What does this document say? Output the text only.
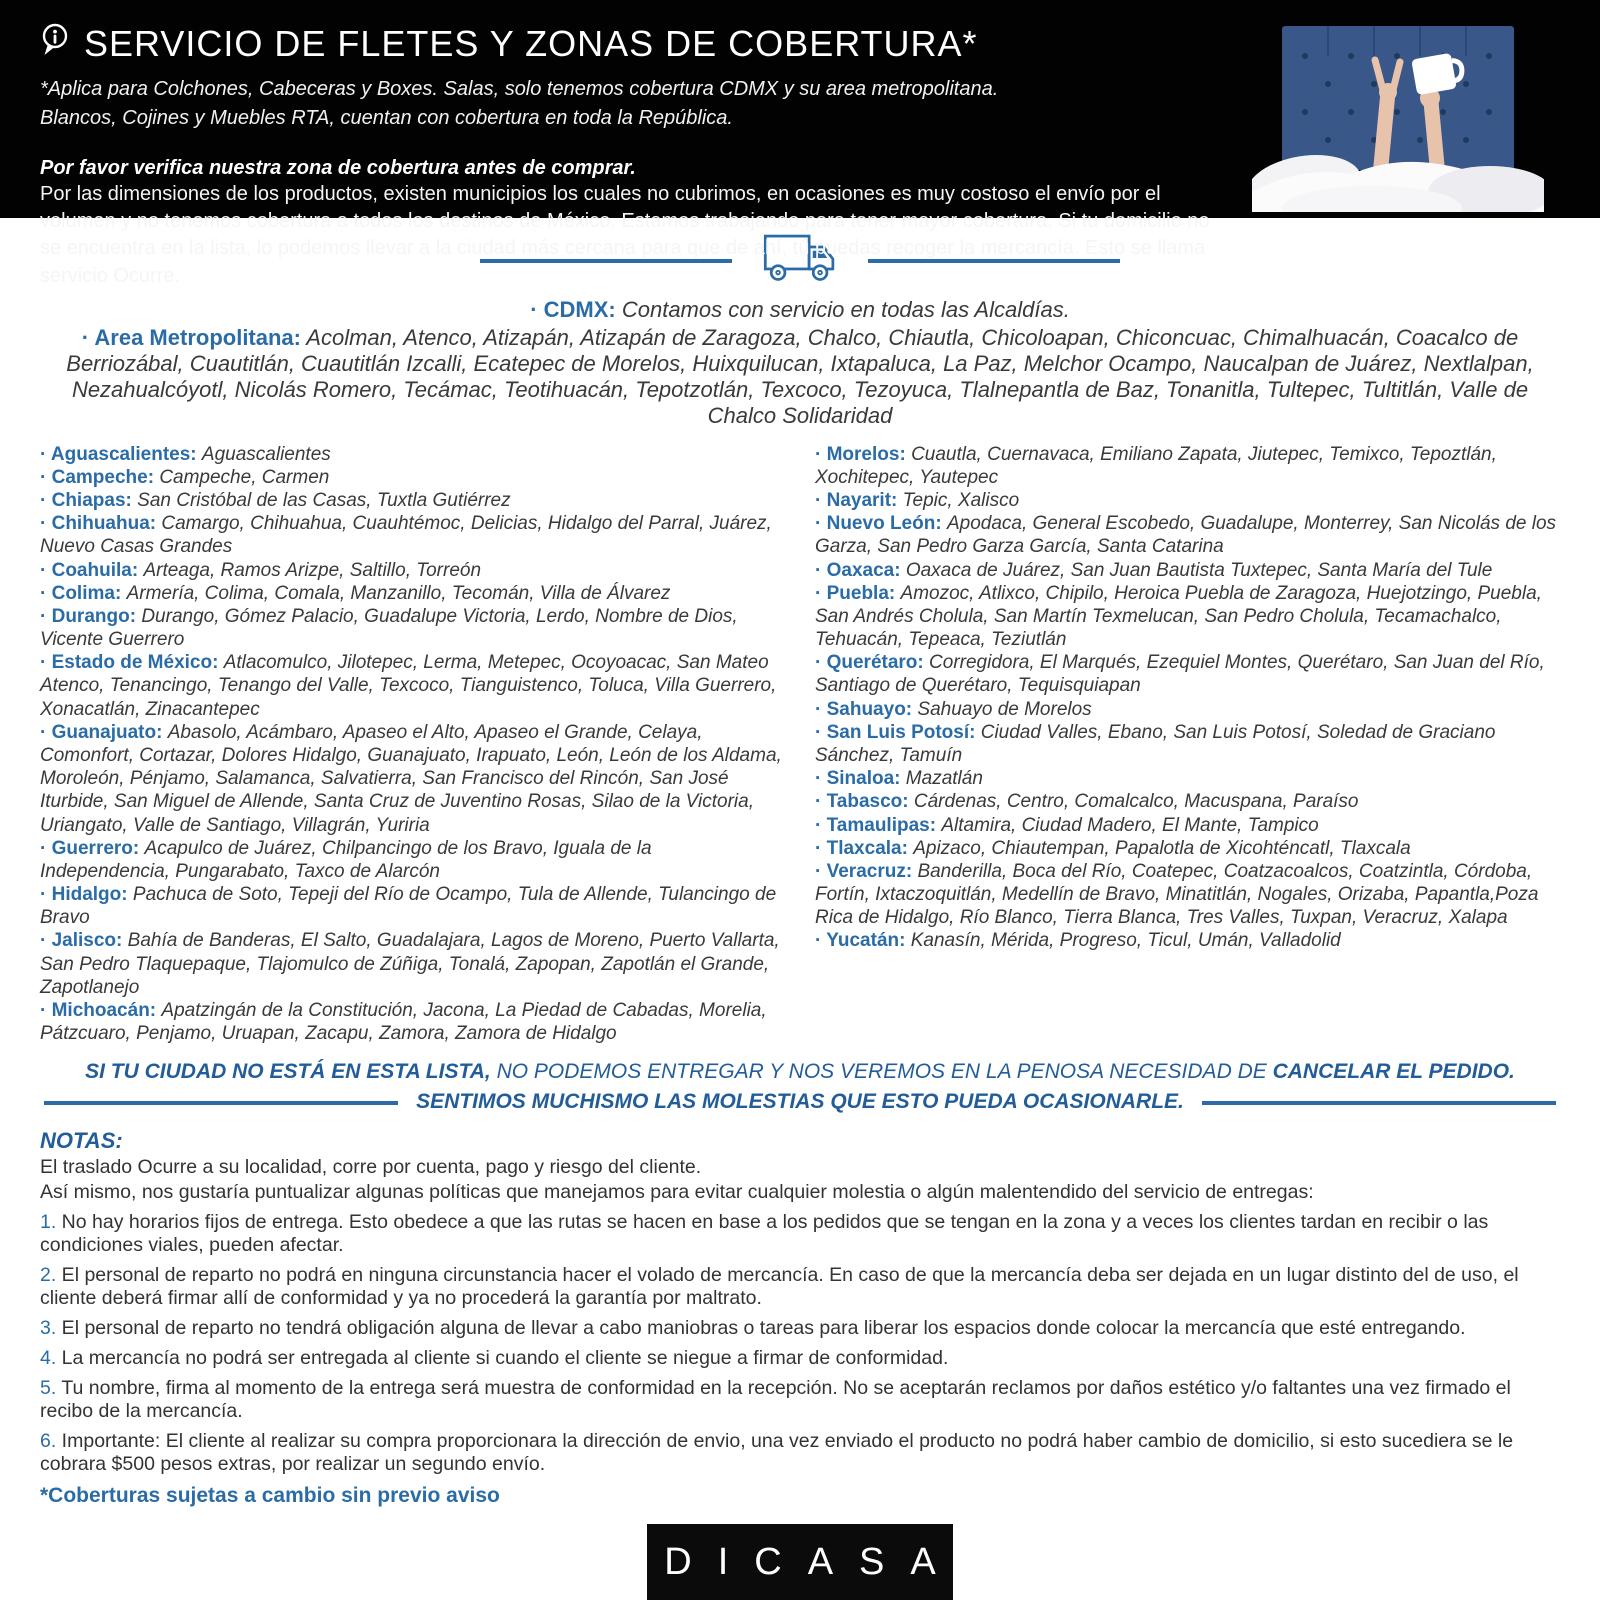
SERVICIO DE FLETES Y ZONAS DE COBERTURA*
*Aplica para Colchones, Cabeceras y Boxes. Salas, solo tenemos cobertura CDMX y su area metropolitana.
Blancos, Cojines y Muebles RTA, cuentan con cobertura en toda la República.
Por favor verifica nuestra zona de cobertura antes de comprar.
Por las dimensiones de los productos, existen municipios los cuales no cubrimos, en ocasiones es muy costoso el envío por el volumen y no tenemos cobertura a todos los destinos de México. Estamos trabajando para tener mayor cobertura. Si tu domicilio no se encuentra en la lista, lo podemos llevar a la ciudad más cercana para que de ahí, tú puedas recoger la mercancía. Esto se llama servicio Ocurre.
· CDMX: Contamos con servicio en todas las Alcaldías.

· Area Metropolitana: Acolman, Atenco, Atizapán, Atizapán de Zaragoza, Chalco, Chiautla, Chicoloapan, Chiconcuac, Chimalhuacán, Coacalco de Berriozábal, Cuautitlán, Cuautitlán Izcalli, Ecatepec de Morelos, Huixquilucan, Ixtapaluca, La Paz, Melchor Ocampo, Naucalpan de Juárez, Nextlalpan, Nezahualcóyotl, Nicolás Romero, Tecámac, Teotihuacán, Tepotzotlán, Texcoco, Tezoyuca, Tlalnepantla de Baz, Tonanitla, Tultepec, Tultitlán, Valle de Chalco Solidaridad

· Aguascalientes: Aguascalientes
· Campeche: Campeche, Carmen
· Chiapas: San Cristóbal de las Casas, Tuxtla Gutiérrez
· Chihuahua: Camargo, Chihuahua, Cuauhtémoc, Delicias, Hidalgo del Parral, Juárez, Nuevo Casas Grandes
· Coahuila: Arteaga, Ramos Arizpe, Saltillo, Torreón
· Colima: Armería, Colima, Comala, Manzanillo, Tecomán, Villa de Álvarez
· Durango: Durango, Gómez Palacio, Guadalupe Victoria, Lerdo, Nombre de Dios, Vicente Guerrero
· Estado de México: Atlacomulco, Jilotepec, Lerma, Metepec, Ocoyoacac, San Mateo Atenco, Tenancingo, Tenango del Valle, Texcoco, Tianguistenco, Toluca, Villa Guerrero, Xonacatlán, Zinacantepec
· Guanajuato: Abasolo, Acámbaro, Apaseo el Alto, Apaseo el Grande, Celaya, Comonfort, Cortazar, Dolores Hidalgo, Guanajuato, Irapuato, León, León de los Aldama, Moroleón, Pénjamo, Salamanca, Salvatierra, San Francisco del Rincón, San José Iturbide, San Miguel de Allende, Santa Cruz de Juventino Rosas, Silao de la Victoria, Uriangato, Valle de Santiago, Villagrán, Yuriria
· Guerrero: Acapulco de Juárez, Chilpancingo de los Bravo, Iguala de la Independencia, Pungarabato, Taxco de Alarcón
· Hidalgo: Pachuca de Soto, Tepeji del Río de Ocampo, Tula de Allende, Tulancingo de Bravo
· Jalisco: Bahía de Banderas, El Salto, Guadalajara, Lagos de Moreno, Puerto Vallarta, San Pedro Tlaquepaque, Tlajomulco de Zúñiga, Tonalá, Zapopan, Zapotlán el Grande, Zapotlanejo
· Michoacán: Apatzingán de la Constitución, Jacona, La Piedad de Cabadas, Morelia, Pátzcuaro, Penjamo, Uruapan, Zacapu, Zamora, Zamora de Hidalgo
· Morelos: Cuautla, Cuernavaca, Emiliano Zapata, Jiutepec, Temixco, Tepoztlán, Xochitepec, Yautepec
· Nayarit: Tepic, Xalisco
· Nuevo León: Apodaca, General Escobedo, Guadalupe, Monterrey, San Nicolás de los Garza, San Pedro Garza García, Santa Catarina
· Oaxaca: Oaxaca de Juárez, San Juan Bautista Tuxtepec, Santa María del Tule
· Puebla: Amozoc, Atlixco, Chipilo, Heroica Puebla de Zaragoza, Huejotzingo, Puebla, San Andrés Cholula, San Martín Texmelucan, San Pedro Cholula, Tecamachalco, Tehuacán, Tepeaca, Teziutlán
· Querétaro: Corregidora, El Marqués, Ezequiel Montes, Querétaro, San Juan del Río, Santiago de Querétaro, Tequisquiapan
· Sahuayo: Sahuayo de Morelos
· San Luis Potosí: Ciudad Valles, Ebano, San Luis Potosí, Soledad de Graciano Sánchez, Tamuín
· Sinaloa: Mazatlán
· Tabasco: Cárdenas, Centro, Comalcalco, Macuspana, Paraíso
· Tamaulipas: Altamira, Ciudad Madero, El Mante, Tampico
· Tlaxcala: Apizaco, Chiautempan, Papalotla de Xicohténcatl, Tlaxcala
· Veracruz: Banderilla, Boca del Río, Coatepec, Coatzacoalcos, Coatzintla, Córdoba, Fortín, Ixtaczoquitlán, Medellín de Bravo, Minatitlán, Nogales, Orizaba, Papantla,Poza Rica de Hidalgo, Río Blanco, Tierra Blanca, Tres Valles, Tuxpan, Veracruz, Xalapa
· Yucatán: Kanasín, Mérida, Progreso, Ticul, Umán, Valladolid
SI TU CIUDAD NO ESTÁ EN ESTA LISTA, NO PODEMOS ENTREGAR Y NOS VEREMOS EN LA PENOSA NECESIDAD DE CANCELAR EL PEDIDO.
SENTIMOS MUCHISMO LAS MOLESTIAS QUE ESTO PUEDA OCASIONARLE.
NOTAS:

El traslado Ocurre a su localidad, corre por cuenta, pago y riesgo del cliente.

Así mismo, nos gustaría puntualizar algunas políticas que manejamos para evitar cualquier molestia o algún malentendido del servicio de entregas:

1. No hay horarios fijos de entrega. Esto obedece a que las rutas se hacen en base a los pedidos que se tengan en la zona y a veces los clientes tardan en recibir o las condiciones viales, pueden afectar.

2. El personal de reparto no podrá en ninguna circunstancia hacer el volado de mercancía. En caso de que la mercancía deba ser dejada en un lugar distinto del de uso, el cliente deberá firmar allí de conformidad y ya no procederá la garantía por maltrato.

3. El personal de reparto no tendrá obligación alguna de llevar a cabo maniobras o tareas para liberar los espacios donde colocar la mercancía que esté entregando.

4. La mercancía no podrá ser entregada al cliente si cuando el cliente se niegue a firmar de conformidad.

5. Tu nombre, firma al momento de la entrega será muestra de conformidad en la recepción. No se aceptarán reclamos por daños estético y/o faltantes una vez firmado el recibo de la mercancía.

6. Importante: El cliente al realizar su compra proporcionara la dirección de envio, una vez enviado el producto no podrá haber cambio de domicilio, si esto sucediera se le cobrara $500 pesos extras, por realizar un segundo envío.

*Coberturas sujetas a cambio sin previo aviso
DICASA
